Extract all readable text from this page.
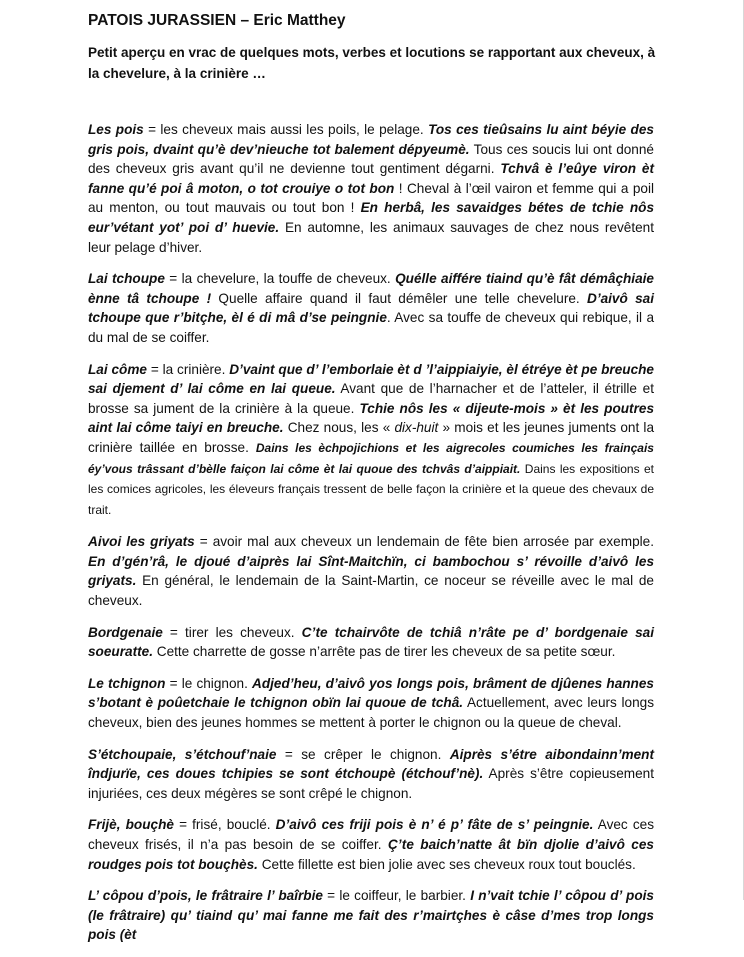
PATOIS JURASSIEN – Eric Matthey
Petit aperçu en vrac de quelques mots, verbes et locutions se rapportant aux cheveux, à la chevelure, à la crinière …

Les pois = les cheveux mais aussi les poils, le pelage. Tos ces tieûsains lu aint béyie des gris pois, dvaint qu’è dev’nieuche tot balement dépyeumè. Tous ces soucis lui ont donné des cheveux gris avant qu’il ne devienne tout gentiment dégarni. Tchvâ è l’eûye viron èt fanne qu’é poi â moton, o tot crouiye o tot bon ! Cheval à l’œil vairon et femme qui a poil au menton, ou tout mauvais ou tout bon ! En herbâ, les savaidges bétes de tchie nôs eur’vétant yot’ poi d’ huevie. En automne, les animaux sauvages de chez nous revêtent leur pelage d’hiver.

Lai tchoupe = la chevelure, la touffe de cheveux. Quélle aifférе tiaind qu’è fât démâçhiaie ènne tâ tchoupe ! Quelle affaire quand il faut démêler une telle chevelure. D’aivô sai tchoupe que r’bitçhe, èl é di mâ d’se peingnie. Avec sa touffe de cheveux qui rebique, il a du mal de se coiffer.

Lai côme = la crinière. D’vaint que d’ l’emborlaie èt d ’l’aippiaiyie, èl étréye èt pe breuche sai djement d’ lai côme en lai queue. Avant que de l’harnacher et de l’atteler, il étrille et brosse sa jument de la crinière à la queue. Tchie nôs les « dijeute-mois » èt les poutres aint lai côme taiyi en breuche. Chez nous, les « dix-huit » mois et les jeunes juments ont la crinière taillée en brosse. Dains les èchpojichions et les aigrecoles coumiches les frainçais éy’vous trâssant d’bèlle faiçon lai côme èt lai quoue des tchvâs d’aippiait. Dains les expositions et les comices agricoles, les éleveurs français tressent de belle façon la crinière et la queue des chevaux de trait.

Aivoi les griyats = avoir mal aux cheveux un lendemain de fête bien arrosée par exemple. En d’gén’râ, le djoué d’aiprès lai Sînt-Maitchïn, ci bambochou s’ révoille d’aivô les griyats. En général, le lendemain de la Saint-Martin, ce noceur se réveille avec le mal de cheveux.

Bordgenaie = tirer les cheveux. C’te tchairvôte de tchiâ n’râte pe d’ bordgenaie sai soeuratte. Cette charrette de gosse n’arrête pas de tirer les cheveux de sa petite sœur.

Le tchignon = le chignon. Adjed’heu, d’aivô yos longs pois, brâment de djûenes hannes s’botant è poûetchaie le tchignon obïn lai quoue de tchâ. Actuellement, avec leurs longs cheveux, bien des jeunes hommes se mettent à porter le chignon ou la queue de cheval.

S’étchoupaie, s’étchouf’naie = se crêper le chignon. Aiprès s’étre aibondainn’ment îndjurïe, ces doues tchipies se sont étchoupè (étchouf’nè). Après s’être copieusement injuriées, ces deux mégères se sont crêpé le chignon.

Frijè, bouçhè = frisé, bouclé. D’aivô ces friji pois è n’ é p’ fâte de s’ peingnie. Avec ces cheveux frisés, il n’a pas besoin de se coiffer. Ç’te baich’natte ât bïn djolie d’aivô ces roudges pois tot bouçhès. Cette fillette est bien jolie avec ses cheveux roux tout bouclés.

L’ côpou d’pois, le frâtraire l’ baîrbie = le coiffeur, le barbier. I n’vait tchie l’ côpou d’ pois (le frâtraire) qu’ tiaind qu’ mai fanne me fait des r’mairtçhes è câse d’mes trop longs pois (èt
